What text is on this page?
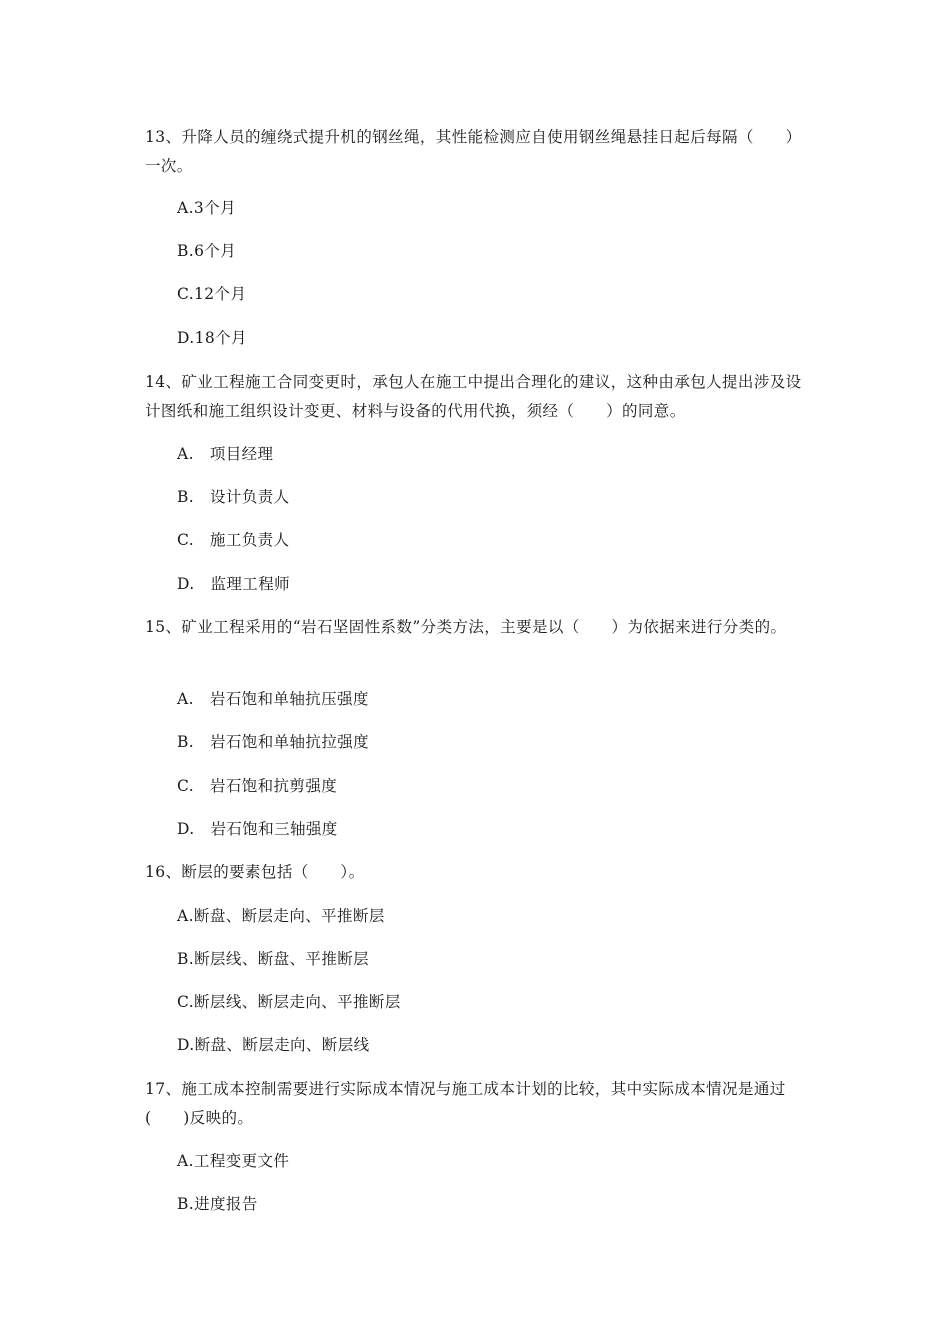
13、升降人员的缠绕式提升机的钢丝绳，其性能检测应自使用钢丝绳悬挂日起后每隔（　　）一次。

A.3个月

B.6个月

C.12个月

D.18个月

14、矿业工程施工合同变更时，承包人在施工中提出合理化的建议，这种由承包人提出涉及设计图纸和施工组织设计变更、材料与设备的代用代换，须经（　　）的同意。

A.　项目经理

B.　设计负责人

C.　施工负责人

D.　监理工程师

15、矿业工程采用的“岩石坚固性系数”分类方法，主要是以（　　）为依据来进行分类的。

A.　岩石饱和单轴抗压强度

B.　岩石饱和单轴抗拉强度

C.　岩石饱和抗剪强度

D.　岩石饱和三轴强度

16、断层的要素包括（　　）。

A.断盘、断层走向、平推断层

B.断层线、断盘、平推断层

C.断层线、断层走向、平推断层

D.断盘、断层走向、断层线

17、施工成本控制需要进行实际成本情况与施工成本计划的比较，其中实际成本情况是通过(　　)反映的。

A.工程变更文件

B.进度报告
